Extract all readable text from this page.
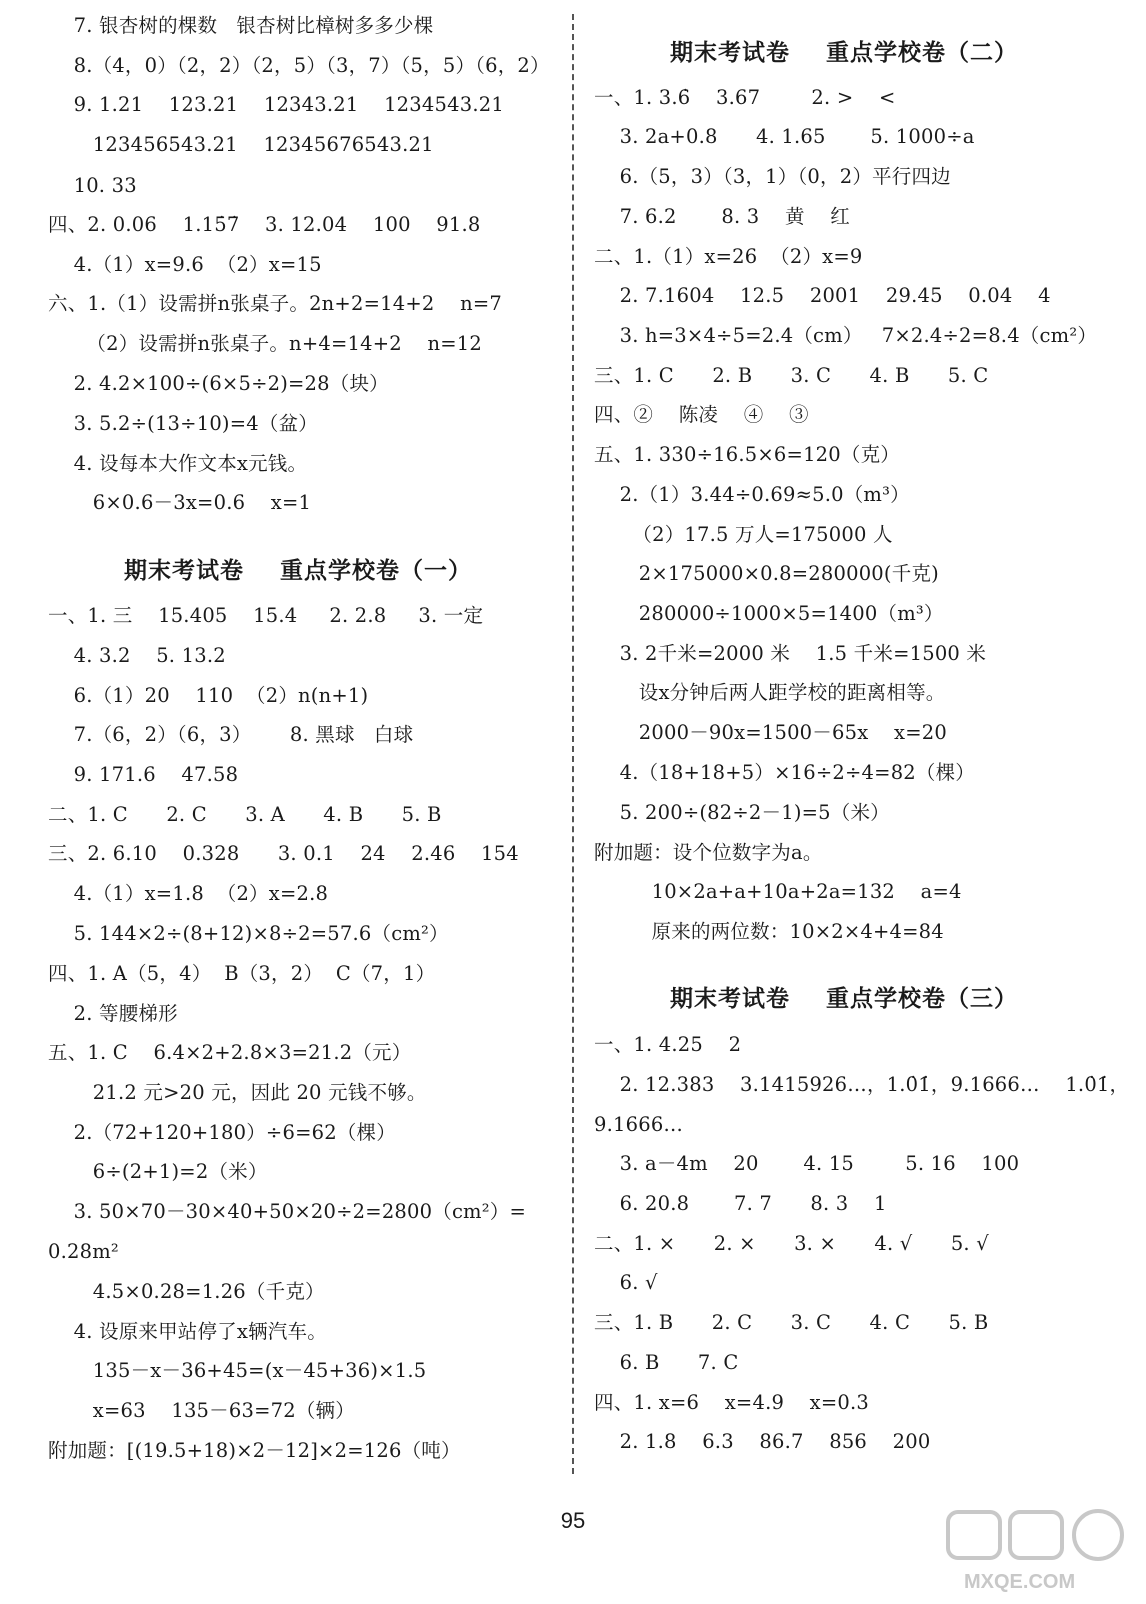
7. 银杏树的棵数   银杏树比樟树多多少棵
8.（4，0）（2，2）（2，5）（3，7）（5，5）（6，2）
9. 1.21    123.21    12343.21    1234543.21
123456543.21    12345676543.21
10. 33
四、2. 0.06    1.15̇7̇    3. 12.04    100    91.8
4.（1）x=9.6  （2）x=15
六、1.（1）设需拼n张桌子。2n+2=14+2    n=7
（2）设需拼n张桌子。n+4=14+2    n=12
2. 4.2×100÷(6×5÷2)=28（块）
3. 5.2÷(13÷10)=4（盆）
4. 设每本大作文本x元钱。
6×0.6－3x=0.6    x=1
期末考试卷    重点学校卷（一）
一、1. 三    15.405    15.4     2. 2.8     3. 一定
4. 3.2    5. 13.2
6.（1）20    110  （2）n(n+1)
7.（6，2）（6，3）      8. 黑球   白球
9. 171.6    47.58
二、1. C      2. C      3. A      4. B      5. B
三、2. 6.10    0.328      3. 0.1    24    2.46    154
4.（1）x=1.8  （2）x=2.8
5. 144×2÷(8+12)×8÷2=57.6（cm²）
四、1. A（5，4）  B（3，2）  C（7，1）
2. 等腰梯形
五、1. C    6.4×2+2.8×3=21.2（元）
21.2 元>20 元，因此 20 元钱不够。
2.（72+120+180）÷6=62（棵）
6÷(2+1)=2（米）
3. 50×70－30×40+50×20÷2=2800（cm²）=
0.28m²
4.5×0.28=1.26（千克）
4. 设原来甲站停了x辆汽车。
135－x－36+45=(x－45+36)×1.5
x=63    135－63=72（辆）
附加题：[(19.5+18)×2－12]×2=126（吨）
期末考试卷    重点学校卷（二）
一、1. 3.6̇    3.67        2. >    <
3. 2a+0.8      4. 1.65       5. 1000÷a
6.（5，3）（3，1）（0，2）平行四边
7. 6.2       8. 3    黄    红
二、1.（1）x=26  （2）x=9
2. 7.1604    12.5    2001    29.45    0.04    4
3. h=3×4÷5=2.4（cm）   7×2.4÷2=8.4（cm²）
三、1. C      2. B      3. C      4. B      5. C
四、②    陈凌    ④    ③
五、1. 330÷16.5×6=120（克）
2.（1）3.44÷0.69≈5.0（m³）
（2）17.5 万人=175000 人
2×175000×0.8=280000(千克)
280000÷1000×5=1400（m³）
3. 2千米=2000 米    1.5 千米=1500 米
设x分钟后两人距学校的距离相等。
2000－90x=1500－65x    x=20
4.（18+18+5）×16÷2÷4=82（棵）
5. 200÷(82÷2－1)=5（米）
附加题：设个位数字为a。
10×2a+a+10a+2a=132    a=4
原来的两位数：10×2×4+4=84
期末考试卷    重点学校卷（三）
一、1. 4.25    2
2. 12.383    3.1415926…，1.0̇1̇，9.1666…    1.0̇1̇，
9.1666…
3. a－4m    20       4. 15        5. 16    100
6. 20.8       7. 7      8. 3    1
二、1. ×      2. ×      3. ×      4. √      5. √
6. √
三、1. B      2. C      3. C      4. C      5. B
6. B      7. C
四、1. x=6    x=4.9    x=0.3
2. 1.8    6.3    86.7    856    200
95
MXQE.COM
